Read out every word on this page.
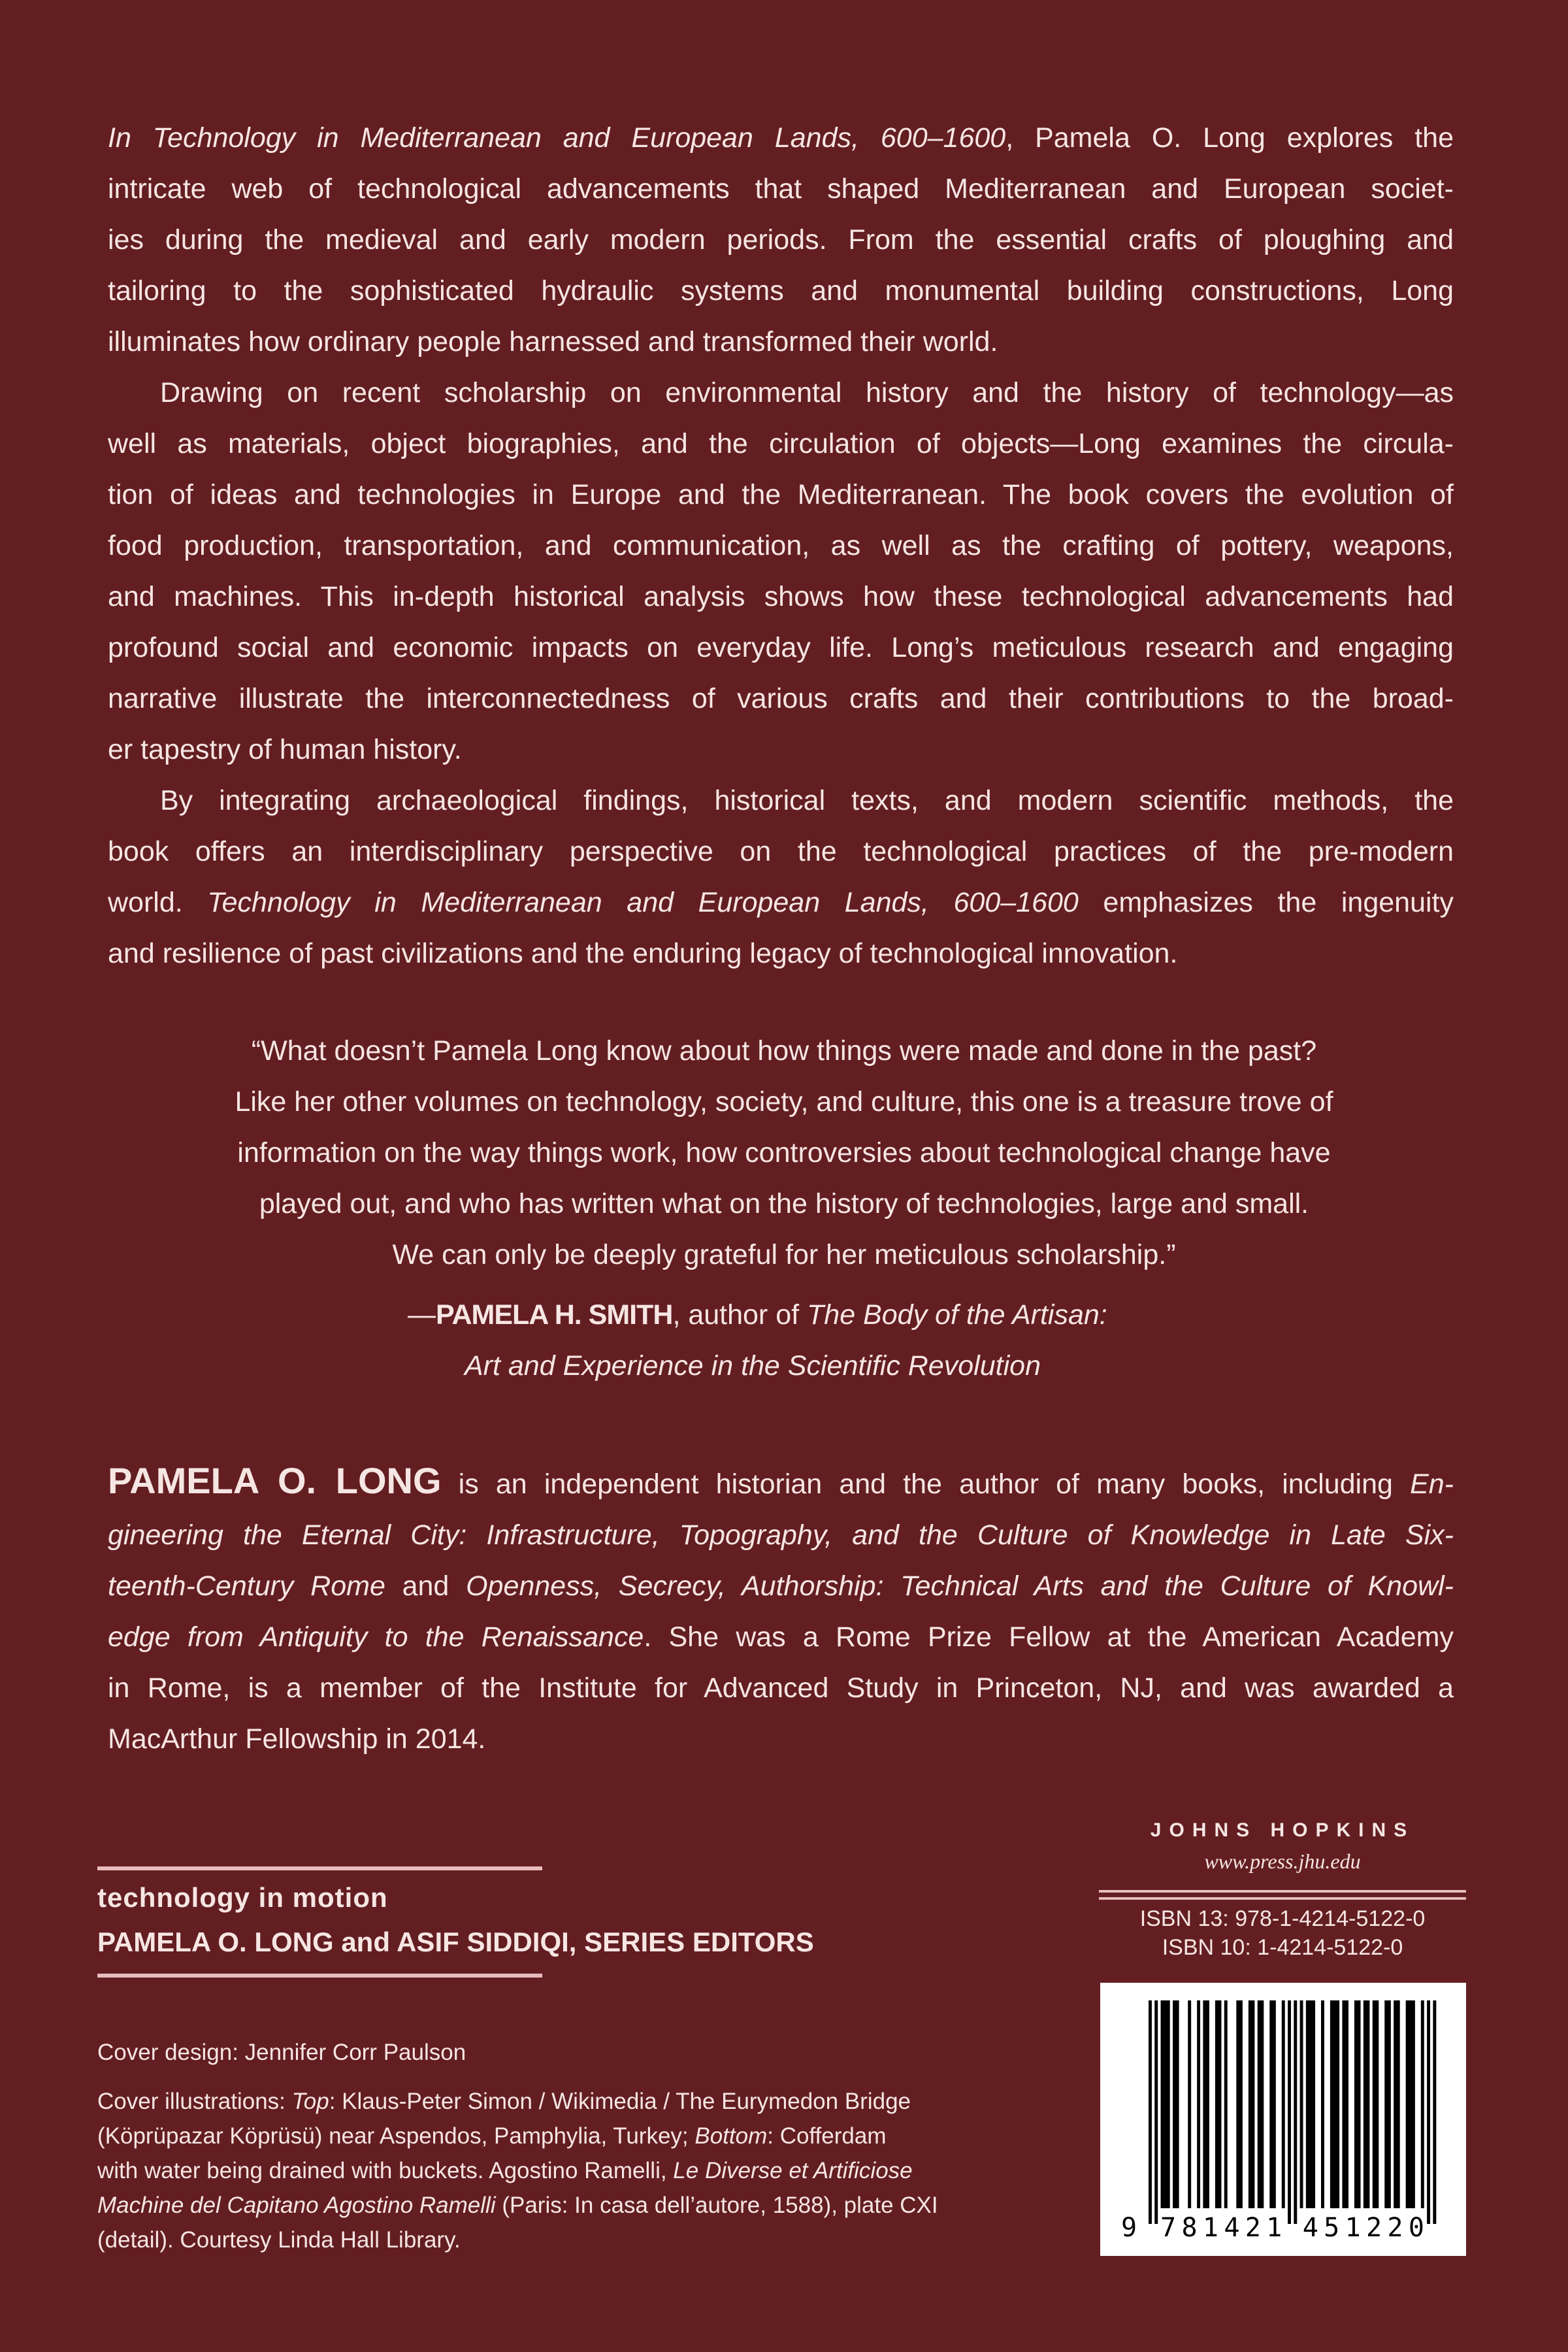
In Technology in Mediterranean and European Lands, 600–1600, Pamela O. Long explores the
intricate web of technological advancements that shaped Mediterranean and European societ-
ies during the medieval and early modern periods. From the essential crafts of ploughing and
tailoring to the sophisticated hydraulic systems and monumental building constructions, Long
illuminates how ordinary people harnessed and transformed their world.
Drawing on recent scholarship on environmental history and the history of technology—as
well as materials, object biographies, and the circulation of objects—Long examines the circula-
tion of ideas and technologies in Europe and the Mediterranean. The book covers the evolution of
food production, transportation, and communication, as well as the crafting of pottery, weapons,
and machines. This in-depth historical analysis shows how these technological advancements had
profound social and economic impacts on everyday life. Long’s meticulous research and engaging
narrative illustrate the interconnectedness of various crafts and their contributions to the broad-
er tapestry of human history.
By integrating archaeological findings, historical texts, and modern scientific methods, the
book offers an interdisciplinary perspective on the technological practices of the pre-modern
world. Technology in Mediterranean and European Lands, 600–1600 emphasizes the ingenuity
and resilience of past civilizations and the enduring legacy of technological innovation.
“What doesn’t Pamela Long know about how things were made and done in the past?
Like her other volumes on technology, society, and culture, this one is a treasure trove of
information on the way things work, how controversies about technological change have
played out, and who has written what on the history of technologies, large and small.
We can only be deeply grateful for her meticulous scholarship.”
—PAMELA H. SMITH, author of The Body of the Artisan:
Art and Experience in the Scientific Revolution
PAMELA O. LONG is an independent historian and the author of many books, including En-
gineering the Eternal City: Infrastructure, Topography, and the Culture of Knowledge in Late Six-
teenth-Century Rome and Openness, Secrecy, Authorship: Technical Arts and the Culture of Knowl-
edge from Antiquity to the Renaissance. She was a Rome Prize Fellow at the American Academy
in Rome, is a member of the Institute for Advanced Study in Princeton, NJ, and was awarded a
MacArthur Fellowship in 2014.
technology in motion
PAMELA O. LONG and ASIF SIDDIQI, SERIES EDITORS
Cover design: Jennifer Corr Paulson
Cover illustrations: Top: Klaus-Peter Simon / Wikimedia / The Eurymedon Bridge
(Köprüpazar Köprüsü) near Aspendos, Pamphylia, Turkey; Bottom: Cofferdam
with water being drained with buckets. Agostino Ramelli, Le Diverse et Artificiose
Machine del Capitano Agostino Ramelli (Paris: In casa dell’autore, 1588), plate CXI
(detail). Courtesy Linda Hall Library.
JOHNS HOPKINS
www.press.jhu.edu
ISBN 13: 978-1-4214-5122-0
ISBN 10: 1-4214-5122-0
9 7 8 1 4 2 1 4 5 1 2 2 0
